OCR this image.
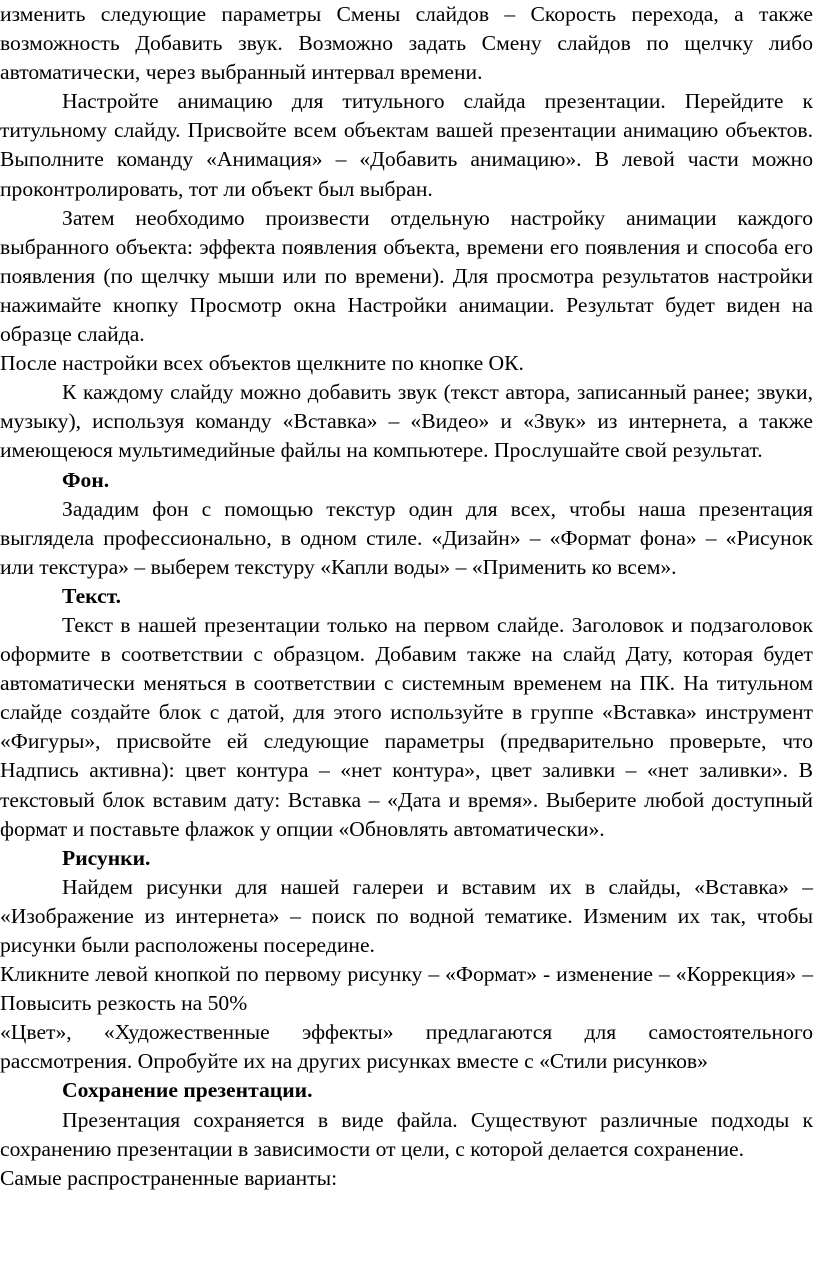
изменить следующие параметры Смены слайдов – Скорость перехода, а также возможность Добавить звук. Возможно задать Смену слайдов по щелчку либо автоматически, через выбранный интервал времени.

Настройте анимацию для титульного слайда презентации. Перейдите к титульному слайду. Присвойте всем объектам вашей презентации анимацию объектов. Выполните команду «Анимация» – «Добавить анимацию». В левой части можно проконтролировать, тот ли объект был выбран.

Затем необходимо произвести отдельную настройку анимации каждого выбранного объекта: эффекта появления объекта, времени его появления и способа его появления (по щелчку мыши или по времени). Для просмотра результатов настройки нажимайте кнопку Просмотр окна Настройки анимации. Результат будет виден на образце слайда.

После настройки всех объектов щелкните по кнопке ОК.

К каждому слайду можно добавить звук (текст автора, записанный ранее; звуки, музыку), используя команду «Вставка» – «Видео» и «Звук» из интернета, а также имеющеюся мультимедийные файлы на компьютере. Прослушайте свой результат.

Фон.

Зададим фон с помощью текстур один для всех, чтобы наша презентация выглядела профессионально, в одном стиле. «Дизайн» – «Формат фона» – «Рисунок или текстура» – выберем текстуру «Капли воды» – «Применить ко всем».

Текст.

Текст в нашей презентации только на первом слайде. Заголовок и подзаголовок оформите в соответствии с образцом. Добавим также на слайд Дату, которая будет автоматически меняться в соответствии с системным временем на ПК. На титульном слайде создайте блок с датой, для этого используйте в группе «Вставка» инструмент «Фигуры», присвойте ей следующие параметры (предварительно проверьте, что Надпись активна): цвет контура – «нет контура», цвет заливки – «нет заливки». В текстовый блок вставим дату: Вставка – «Дата и время». Выберите любой доступный формат и поставьте флажок у опции «Обновлять автоматически».

Рисунки.

Найдем рисунки для нашей галереи и вставим их в слайды, «Вставка» – «Изображение из интернета» – поиск по водной тематике. Изменим их так, чтобы рисунки были расположены посередине.

Кликните левой кнопкой по первому рисунку – «Формат» - изменение – «Коррекция» – Повысить резкость на 50%

«Цвет», «Художественные эффекты» предлагаются для самостоятельного рассмотрения. Опробуйте их на других рисунках вместе с «Стили рисунков»

Сохранение презентации.

Презентация сохраняется в виде файла. Существуют различные подходы к сохранению презентации в зависимости от цели, с которой делается сохранение.

Самые распространенные варианты:
